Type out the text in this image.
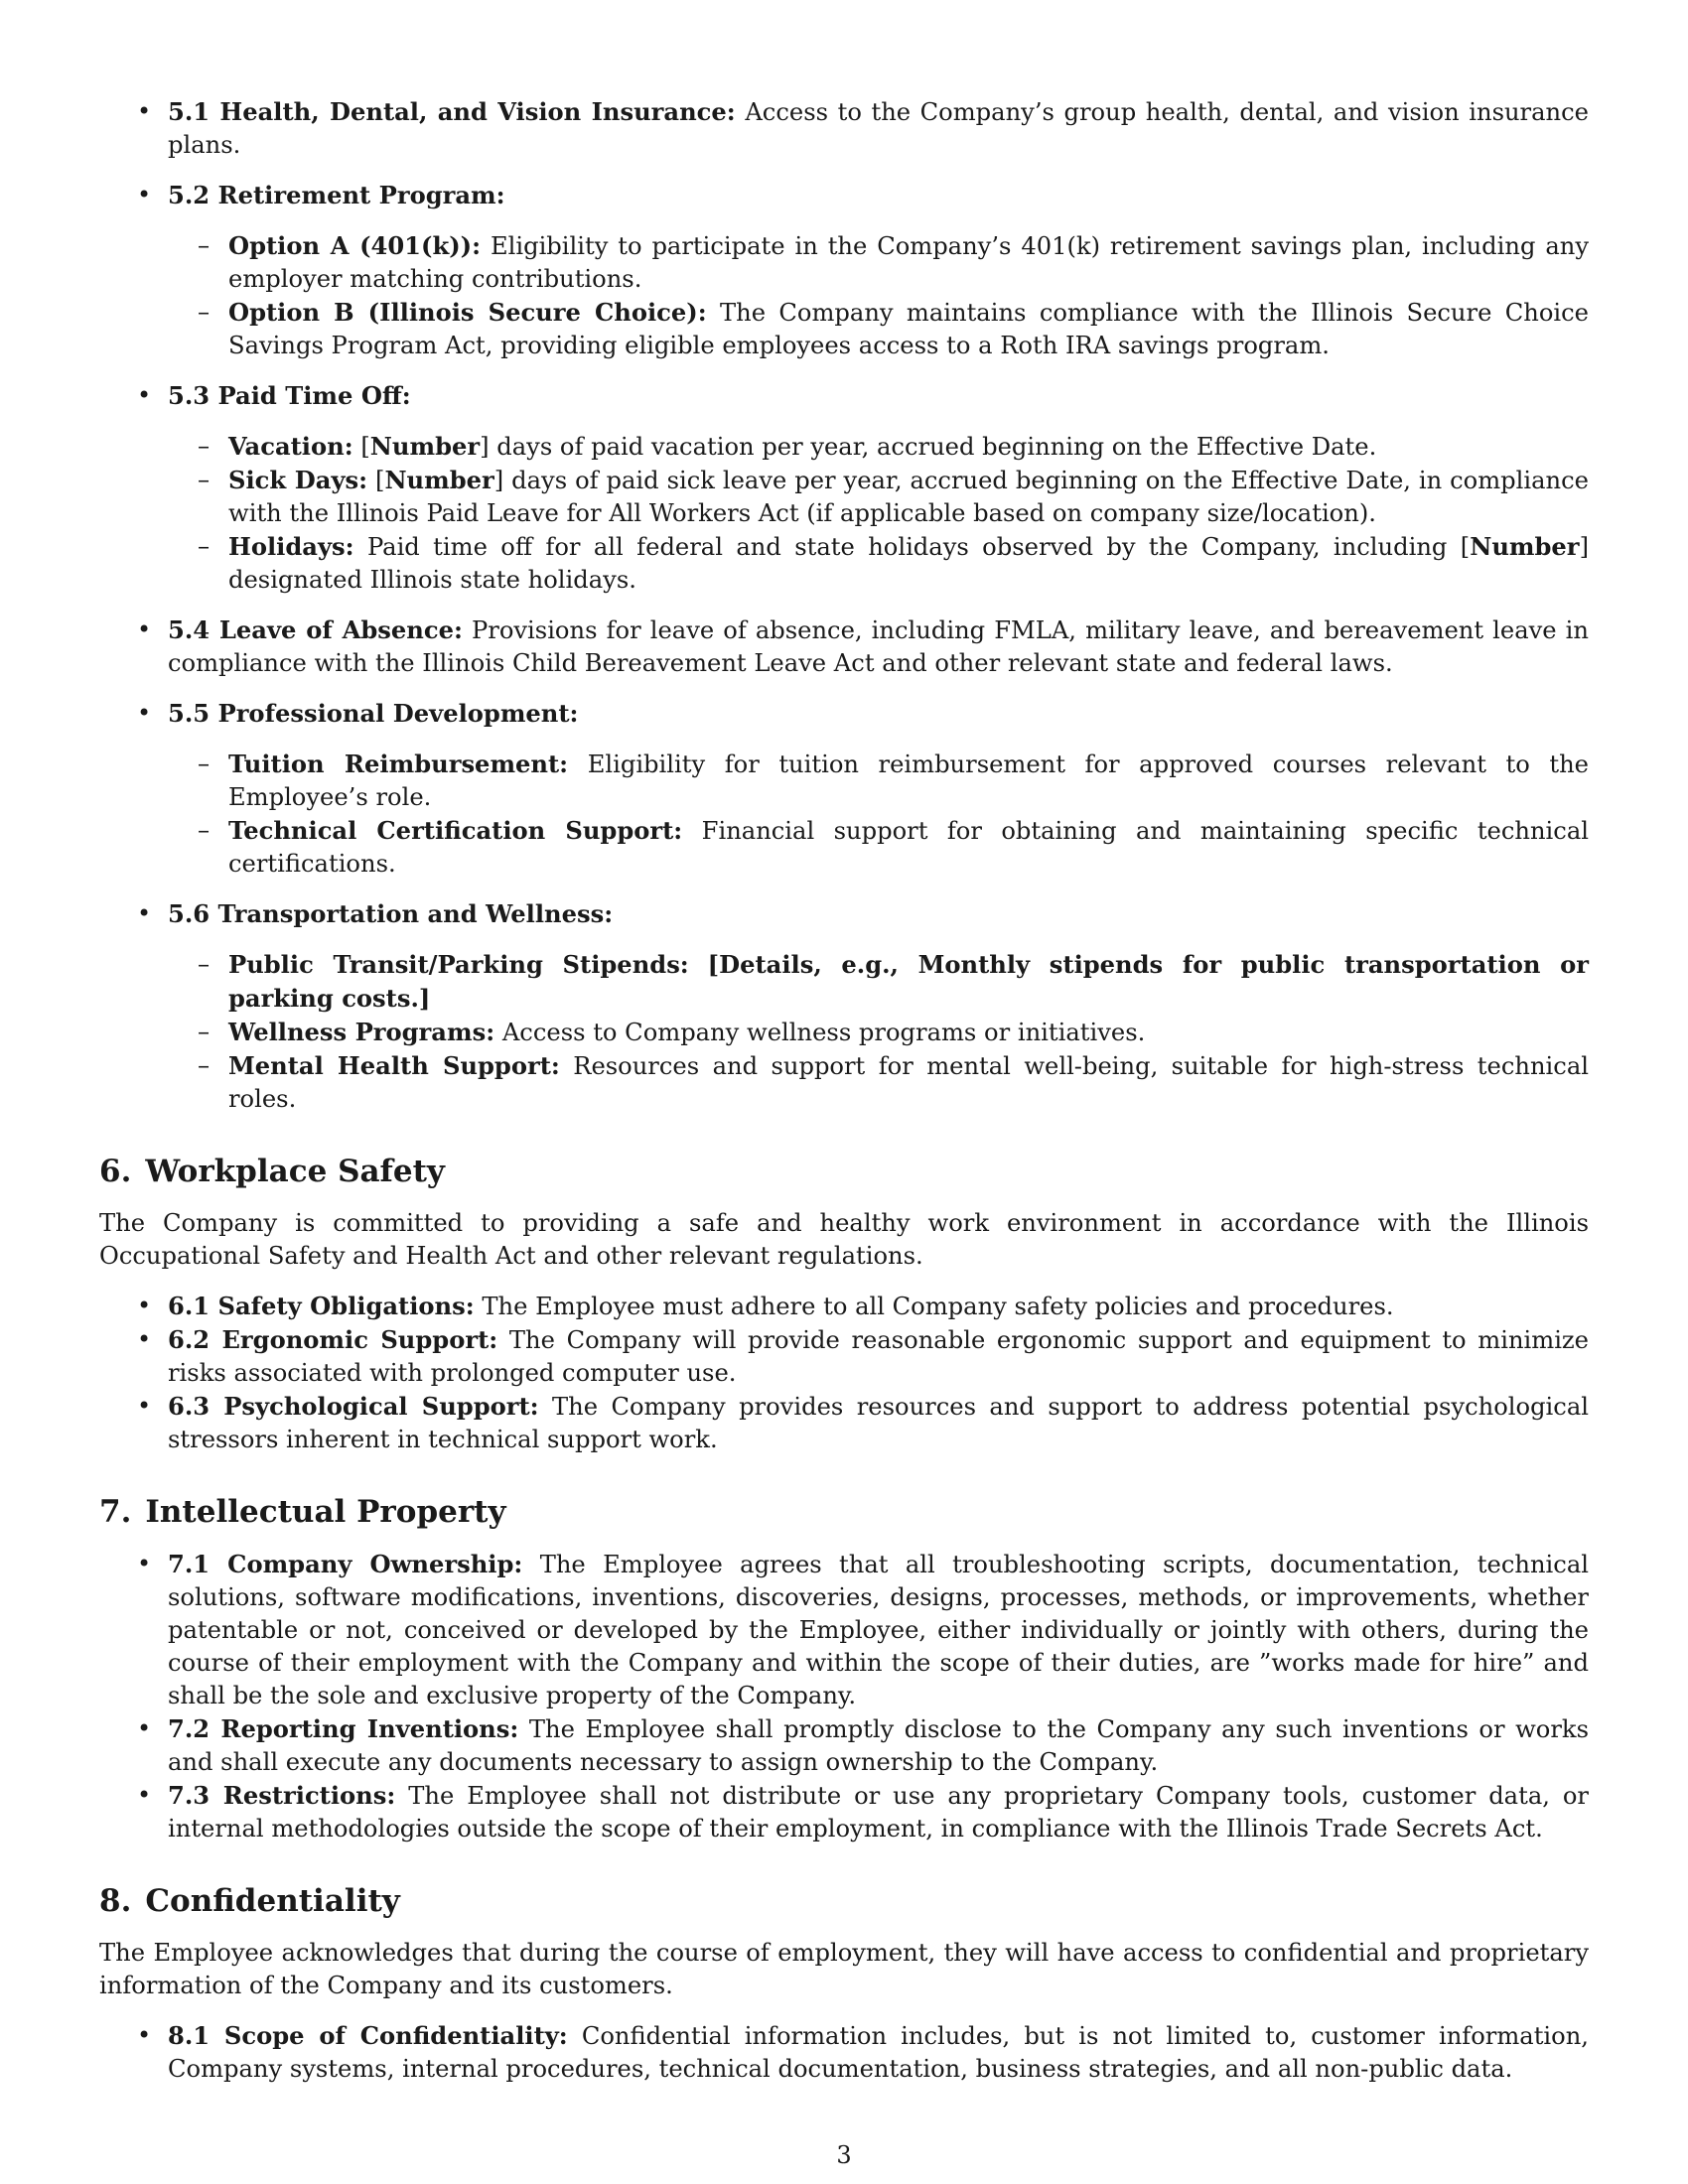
• 5.1 Health, Dental, and Vision Insurance: Access to the Company’s group health, dental, and vision insurance plans.
• 5.2 Retirement Program:
– Option A (401(k)): Eligibility to participate in the Company’s 401(k) retirement savings plan, including any employer matching contributions.
– Option B (Illinois Secure Choice): The Company maintains compliance with the Illinois Secure Choice Savings Program Act, providing eligible employees access to a Roth IRA savings program.
• 5.3 Paid Time Off:
– Vacation: [Number] days of paid vacation per year, accrued beginning on the Effective Date.
– Sick Days: [Number] days of paid sick leave per year, accrued beginning on the Effective Date, in compliance with the Illinois Paid Leave for All Workers Act (if applicable based on company size/location).
– Holidays: Paid time off for all federal and state holidays observed by the Company, including [Number] designated Illinois state holidays.
• 5.4 Leave of Absence: Provisions for leave of absence, including FMLA, military leave, and bereavement leave in compliance with the Illinois Child Bereavement Leave Act and other relevant state and federal laws.
• 5.5 Professional Development:
– Tuition Reimbursement: Eligibility for tuition reimbursement for approved courses relevant to the Employee’s role.
– Technical Certification Support: Financial support for obtaining and maintaining specific technical certifications.
• 5.6 Transportation and Wellness:
– Public Transit/Parking Stipends: [Details, e.g., Monthly stipends for public transportation or parking costs.]
– Wellness Programs: Access to Company wellness programs or initiatives.
– Mental Health Support: Resources and support for mental well-being, suitable for high-stress technical roles.
6. Workplace Safety

The Company is committed to providing a safe and healthy work environment in accordance with the Illinois Occupational Safety and Health Act and other relevant regulations.

• 6.1 Safety Obligations: The Employee must adhere to all Company safety policies and procedures.
• 6.2 Ergonomic Support: The Company will provide reasonable ergonomic support and equipment to minimize risks associated with prolonged computer use.
• 6.3 Psychological Support: The Company provides resources and support to address potential psychological stressors inherent in technical support work.
7. Intellectual Property
• 7.1 Company Ownership: The Employee agrees that all troubleshooting scripts, documentation, technical solutions, software modifications, inventions, discoveries, designs, processes, methods, or improvements, whether patentable or not, conceived or developed by the Employee, either individually or jointly with others, during the course of their employment with the Company and within the scope of their duties, are ”works made for hire” and shall be the sole and exclusive property of the Company.
• 7.2 Reporting Inventions: The Employee shall promptly disclose to the Company any such inventions or works and shall execute any documents necessary to assign ownership to the Company.
• 7.3 Restrictions: The Employee shall not distribute or use any proprietary Company tools, customer data, or internal methodologies outside the scope of their employment, in compliance with the Illinois Trade Secrets Act.
8. Confidentiality

The Employee acknowledges that during the course of employment, they will have access to confidential and proprietary information of the Company and its customers.

• 8.1 Scope of Confidentiality: Confidential information includes, but is not limited to, customer information, Company systems, internal procedures, technical documentation, business strategies, and all non-public data.
3
